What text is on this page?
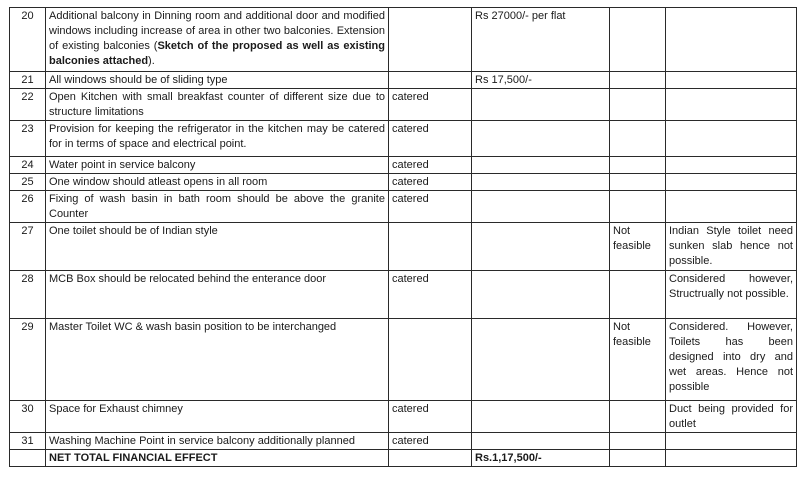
20	Additional balcony in Dinning room and additional door and modified windows including increase of area in other two balconies. Extension of existing balconies (Sketch of the proposed as well as existing balconies attached).		Rs 27000/- per flat		
21	All windows should be of sliding type		Rs 17,500/-		
22	Open Kitchen with small breakfast counter of different size due to structure limitations	catered			
23	Provision for keeping the refrigerator in the kitchen may be catered for in terms of space and electrical point.	catered			
24	Water point in service balcony	catered			
25	One window should atleast opens in all room	catered			
26	Fixing of wash basin in bath room should be above the granite Counter	catered			
27	One toilet should be of Indian style			Not feasible	Indian Style toilet need sunken slab hence not possible.
28	MCB Box should be relocated behind the enterance door	catered			Considered however, Structrually not possible.
29	Master Toilet WC & wash basin position to be interchanged			Not feasible	Considered. However, Toilets has been designed into dry and wet areas. Hence not possible
30	Space for Exhaust chimney	catered			Duct being provided for outlet
31	Washing Machine Point in service balcony additionally planned	catered			
	NET TOTAL FINANCIAL EFFECT		Rs.1,17,500/-		
